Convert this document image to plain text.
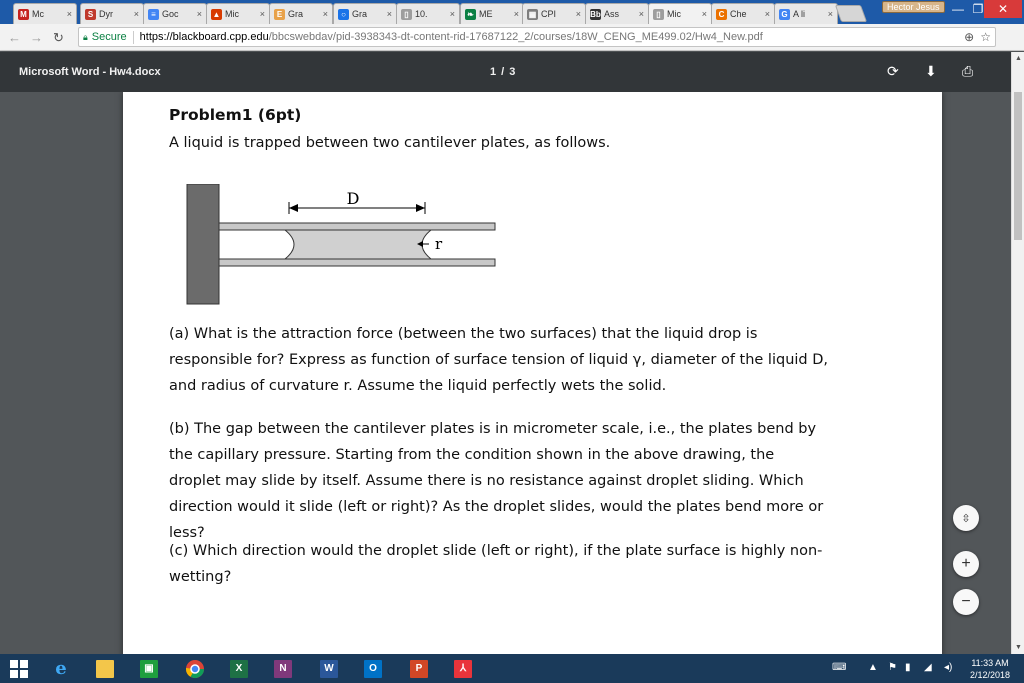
M Mc	×	S Dyr	×	≡ Goc	× ▲ Mic	×	E Gra	×	○ Gra	×	▯ 10.	× ❧ ME	× ▦ CPI	× Bb Ass	×	▯ Mic	×	C Che	× G A li	×
Hector Jesus	— ❐	✕
← → ↻ 🔒︎ Secure https://blackboard.cpp.edu /bbcswebdav/pid-3938343-dt-content-rid-17687122_2/courses/18W_CENG_ME499.02/Hw4_New.pdf	⊕ ☆
Microsoft Word - Hw4.docx	1 / 3	⟳ ⬇ ⎙
Problem1 (6pt)
A liquid is trapped between two cantilever plates, as follows.
D
r
(a) What is the attraction force (between the two surfaces) that the liquid drop is responsible for? Express as function of surface tension of liquid γ, diameter of the liquid D, and radius of curvature r. Assume the liquid perfectly wets the solid.
(b) The gap between the cantilever plates is in micrometer scale, i.e., the plates bend by the capillary pressure. Starting from the condition shown in the above drawing, the droplet may slide by itself. Assume there is no resistance against droplet sliding. Which direction would it slide (left or right)? As the droplet slides, would the plates bend more or less?
(c) Which direction would the droplet slide (left or right), if the plate surface is highly non-wetting?
⇳
+
−
▲
▼
e	▣	X	N	W	O	P	⅄	⌨ ▲ ⚑ ▮ ◢ ◂)	11:33 AM
2/12/2018
